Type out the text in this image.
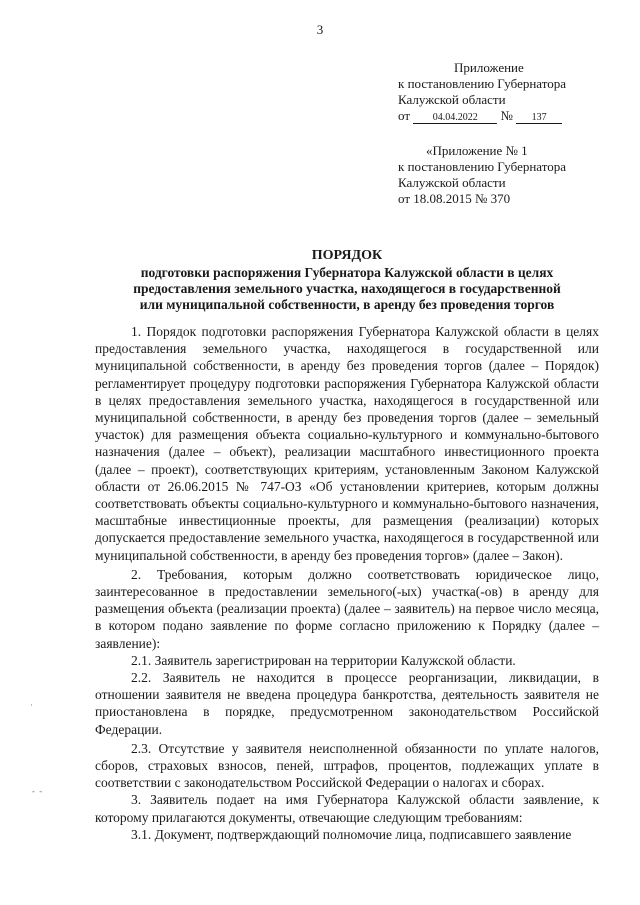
3
Приложение
к постановлению Губернатора
Калужской области
от 04.04.2022 № 137
«Приложение № 1
к постановлению Губернатора
Калужской области
от 18.08.2015 № 370
ПОРЯДОК
подготовки распоряжения Губернатора Калужской области в целях
предоставления земельного участка, находящегося в государственной
или муниципальной собственности, в аренду без проведения торгов

1. Порядок подготовки распоряжения Губернатора Калужской области в целях предоставления земельного участка, находящегося в государственной или муниципальной собственности, в аренду без проведения торгов (далее – Порядок) регламентирует процедуру подготовки распоряжения Губернатора Калужской области в целях предоставления земельного участка, находящегося в государственной или муниципальной собственности, в аренду без проведения торгов (далее – земельный участок) для размещения объекта социально-культурного и коммунально-бытового назначения (далее – объект), реализации масштабного инвестиционного проекта (далее – проект), соответствующих критериям, установленным Законом Калужской области от 26.06.2015 № 747-ОЗ «Об установлении критериев, которым должны соответствовать объекты социально-культурного и коммунально-бытового назначения, масштабные инвестиционные проекты, для размещения (реализации) которых допускается предоставление земельного участка, находящегося в государственной или муниципальной собственности, в аренду без проведения торгов» (далее – Закон).

2. Требования, которым должно соответствовать юридическое лицо, заинтересованное в предоставлении земельного(-ых) участка(-ов) в аренду для размещения объекта (реализации проекта) (далее – заявитель) на первое число месяца, в котором подано заявление по форме согласно приложению к Порядку (далее – заявление):

2.1. Заявитель зарегистрирован на территории Калужской области.

2.2. Заявитель не находится в процессе реорганизации, ликвидации, в отношении заявителя не введена процедура банкротства, деятельность заявителя не приостановлена в порядке, предусмотренном законодательством Российской Федерации.

2.3. Отсутствие у заявителя неисполненной обязанности по уплате налогов, сборов, страховых взносов, пеней, штрафов, процентов, подлежащих уплате в соответствии с законодательством Российской Федерации о налогах и сборах.

3. Заявитель подает на имя Губернатора Калужской области заявление, к которому прилагаются документы, отвечающие следующим требованиям:

3.1. Документ, подтверждающий полномочие лица, подписавшего заявление

·
- -
